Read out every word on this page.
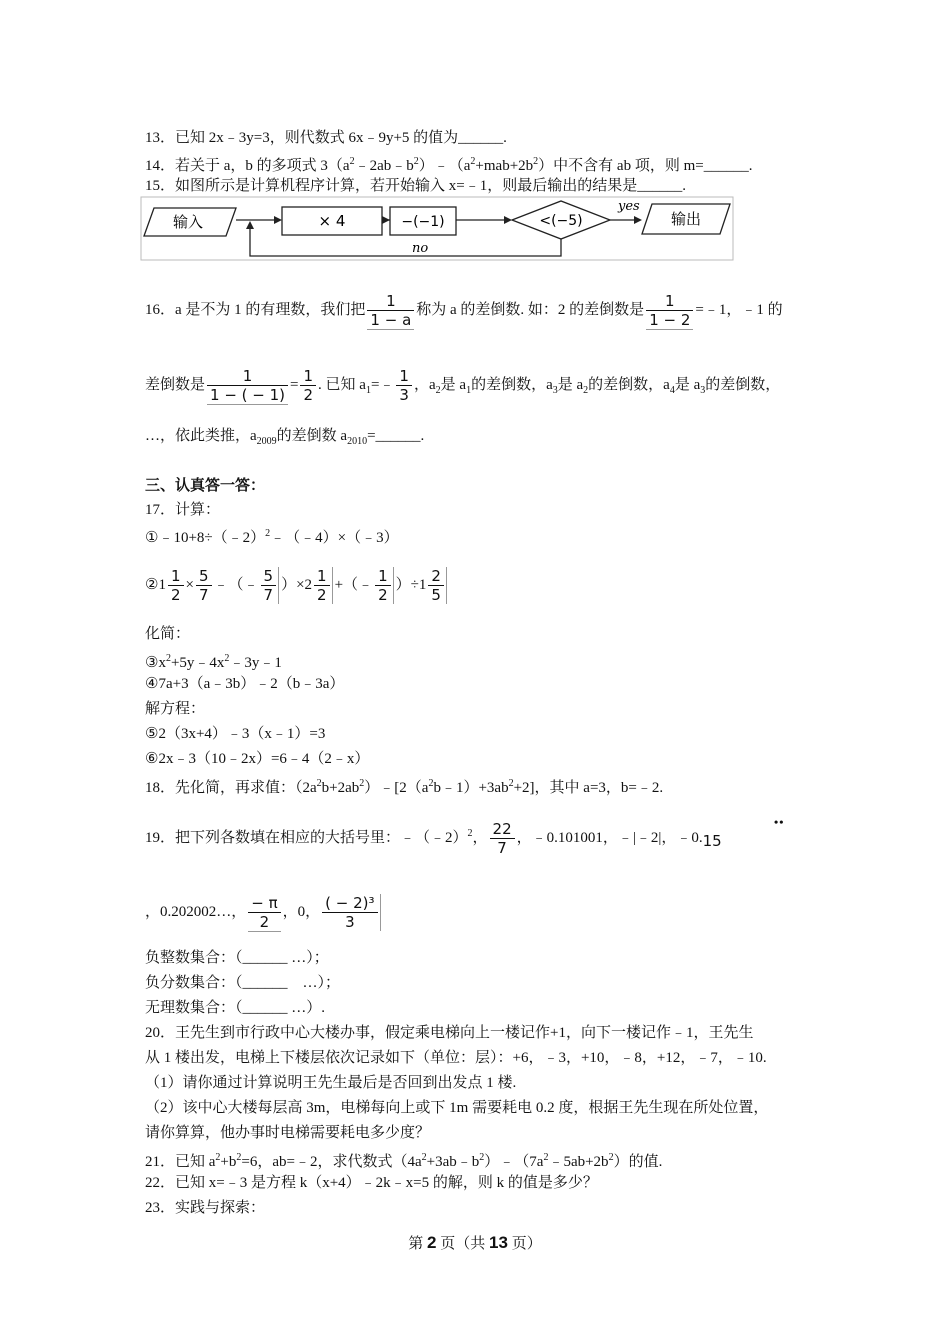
13．已知 2x﹣3y=3，则代数式 6x﹣9y+5 的值为______.
14．若关于 a，b 的多项式 $3(a^2﹣2ab﹣b^2)﹣(a^2+mab+2b^2)$中不含有 ab 项，则 m=______.
15．如图所示是计算机程序计算，若开始输入 x=﹣1，则最后输出的结果是______.
输入	× 4	−(−1)	<(−5)
yes
输出
no
16．a 是不为 1 的有理数，我们把 $\frac{1}{1 - a}$ 称为 a 的差倒数. 如：2 的差倒数是 $\frac{1}{1 - 2}$ =﹣1，﹣1 的
差倒数是 $\frac{1}{1 - ( - 1)} = \frac{1}{2}$ . 已知 $a_1=﹣ \frac{1}{3}$ ，$a_2$是 $a_1$的差倒数，$a_3$是 $a_2$的差倒数，$a_4$是 $a_3$的差倒数，
…，依此类推，$a_{2009}$的差倒数 $a_{2010}=\_\_\_\_\_\_$.
三、认真答一答：
17．计算：
①﹣10+8÷（﹣2）$^2$﹣（﹣4）×（﹣3）
②1 $\frac{1}{2} \times \frac{5}{7}$ ﹣（﹣ $\frac{5}{7} )\times 2 \frac{1}{2}$ +（﹣ $\frac{1}{2} )\div 1 \frac{2}{5}$
化简：
$③x^2+5y﹣4x^2﹣3y﹣1$
④7a+3（a﹣3b）﹣2（b﹣3a）
解方程：
⑤2（3x+4）﹣3（x﹣1）=3
⑥2x﹣3（10﹣2x）=6﹣4（2﹣x）
18．先化简，再求值：$(2a^2b+2ab^2)﹣[2(a^2b﹣1)+3ab^2+2]$，其中 a=3，b=﹣2.
19．把下列各数填在相应的大括号里：﹣（﹣2）$^2$， $\frac{22}{7}$ ，﹣0.101001，﹣|﹣2|，﹣0.15
••
，0.202002…， $\frac{- \pi}{2}$ ，0， $\frac{\text{( − 2)³}}{3}$
负整数集合：（______ …）；
负分数集合：（______　…）；
无理数集合：（______ …）.
20．王先生到市行政中心大楼办事，假定乘电梯向上一楼记作+1，向下一楼记作﹣1，王先生
从 1 楼出发，电梯上下楼层依次记录如下（单位：层）：+6，﹣3，+10，﹣8，+12，﹣7，﹣10.
（1）请你通过计算说明王先生最后是否回到出发点 1 楼.
（2）该中心大楼每层高 3m，电梯每向上或下 1m 需要耗电 0.2 度，根据王先生现在所处位置，
请你算算，他办事时电梯需要耗电多少度？
21．已知 $a^2+b^2=6$，ab=﹣2，求代数式$(4a^2+3ab﹣b^2)﹣(7a^2﹣5ab+2b^2)$的值.
22．已知 x=﹣3 是方程 k（x+4）﹣2k﹣x=5 的解，则 k 的值是多少？
23．实践与探索：
第 2 页（共 13 页）
